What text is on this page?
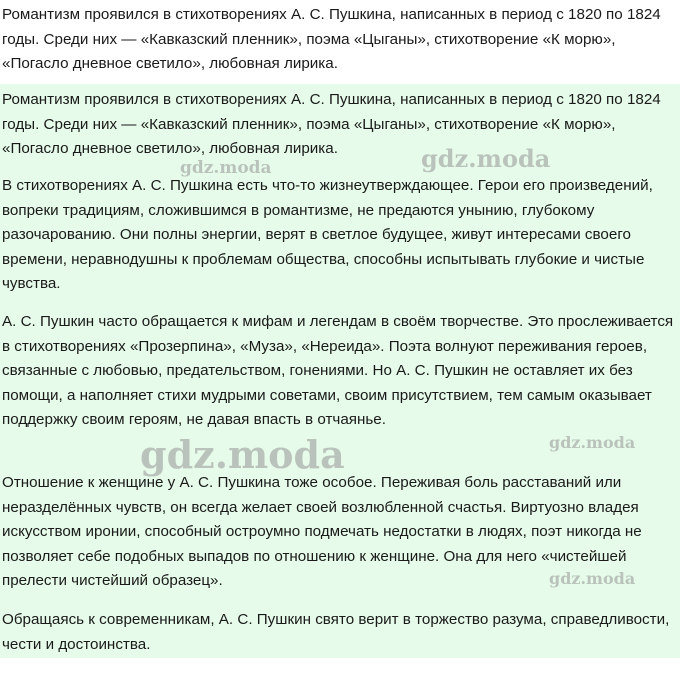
Романтизм проявился в стихотворениях А. С. Пушкина, написанных в период с 1820 по 1824 годы. Среди них — «Кавказский пленник», поэма «Цыганы», стихотворение «К морю», «Погасло дневное светило», любовная лирика.

Романтизм проявился в стихотворениях А. С. Пушкина, написанных в период с 1820 по 1824 годы. Среди них — «Кавказский пленник», поэма «Цыганы», стихотворение «К морю», «Погасло дневное светило», любовная лирика.

В стихотворениях А. С. Пушкина есть что-то жизнеутверждающее. Герои его произведений, вопреки традициям, сложившимся в романтизме, не предаются унынию, глубокому разочарованию. Они полны энергии, верят в светлое будущее, живут интересами своего времени, неравнодушны к проблемам общества, способны испытывать глубокие и чистые чувства.

А. С. Пушкин часто обращается к мифам и легендам в своём творчестве. Это прослеживается в стихотворениях «Прозерпина», «Муза», «Нереида». Поэта волнуют переживания героев, связанные с любовью, предательством, гонениями. Но А. С. Пушкин не оставляет их без помощи, а наполняет стихи мудрыми советами, своим присутствием, тем самым оказывает поддержку своим героям, не давая впасть в отчаянье.

Отношение к женщине у А. С. Пушкина тоже особое. Переживая боль расставаний или неразделённых чувств, он всегда желает своей возлюбленной счастья. Виртуозно владея искусством иронии, способный остроумно подмечать недостатки в людях, поэт никогда не позволяет себе подобных выпадов по отношению к женщине. Она для него «чистейшей прелести чистейший образец».

Обращаясь к современникам, А. С. Пушкин свято верит в торжество разума, справедливости, чести и достоинства.

gdz.moda	gdz.moda
gdz.moda	gdz.moda
gdz.moda
